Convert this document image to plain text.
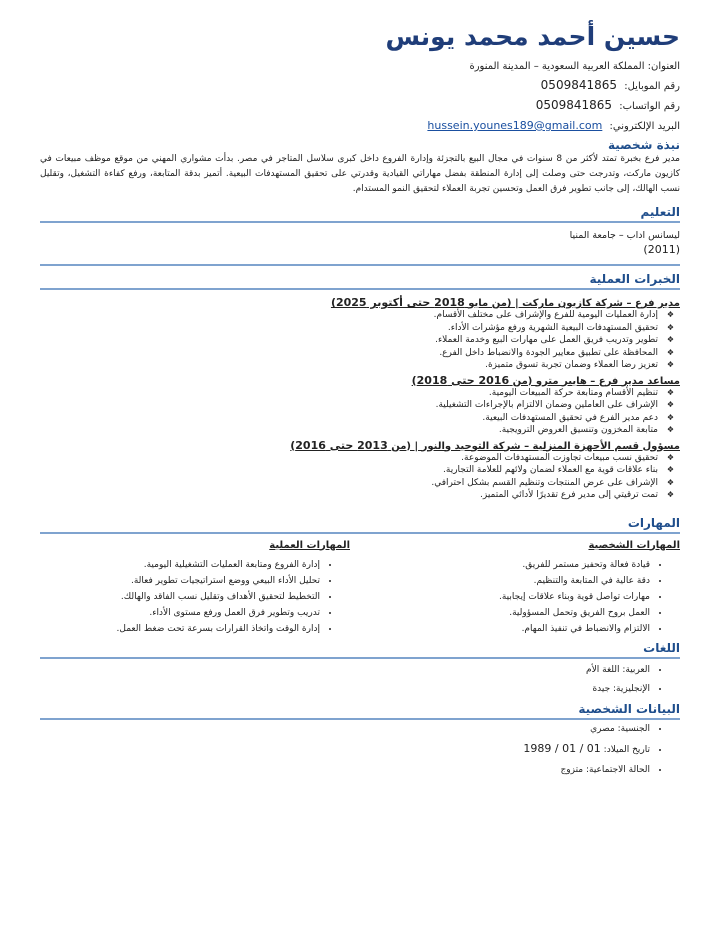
حسين أحمد محمد يونس
العنوان: المملكة العربية السعودية – المدينة المنورة
رقم الموبايل: 0509841865
رقم الواتساب: 0509841865
البريد الإلكتروني: hussein.younes189@gmail.com
نبذة شخصية

مدير فرع بخبرة تمتد لأكثر من 8 سنوات في مجال البيع بالتجزئة وإدارة الفروع داخل كبرى سلاسل المتاجر في مصر. بدأت مشواري المهني من موقع موظف مبيعات في كازيون ماركت، وتدرجت حتى وصلت إلى إدارة المنطقة بفضل مهاراتي القيادية وقدرتي على تحقيق المستهدفات البيعية. أتميز بدقة المتابعة، ورفع كفاءة التشغيل، وتقليل نسب الهالك، إلى جانب تطوير فرق العمل وتحسين تجربة العملاء لتحقيق النمو المستدام.

التعليم
ليسانس اداب – جامعة المنيا
(2011)
الخبرات العملية
مدير فرع – شركة كازيون ماركت | (من مايو 2018 حتى أكتوبر 2025)
❖ إدارة العمليات اليومية للفرع والإشراف على مختلف الأقسام.
❖ تحقيق المستهدفات البيعية الشهرية ورفع مؤشرات الأداء.
❖ تطوير وتدريب فريق العمل على مهارات البيع وخدمة العملاء.
❖ المحافظة على تطبيق معايير الجودة والانضباط داخل الفرع.
❖ تعزيز رضا العملاء وضمان تجربة تسوق متميزة.
مساعد مدير فرع – هايبر مترو (من 2016 حتى 2018)
❖ تنظيم الأقسام ومتابعة حركة المبيعات اليومية.
❖ الإشراف على العاملين وضمان الالتزام بالإجراءات التشغيلية.
❖ دعم مدير الفرع في تحقيق المستهدفات البيعية.
❖ متابعة المخزون وتنسيق العروض الترويجية.
مسؤول قسم الأجهزة المنزلية – شركة التوحيد والنور | (من 2013 حتى 2016)
❖ تحقيق نسب مبيعات تجاوزت المستهدفات الموضوعة.
❖ بناء علاقات قوية مع العملاء لضمان ولائهم للعلامة التجارية.
❖ الإشراف على عرض المنتجات وتنظيم القسم بشكل احترافي.
❖ تمت ترقيتي إلى مدير فرع تقديرًا لأدائي المتميز.
المهارات
المهارات الشخصية
• قيادة فعالة وتحفيز مستمر للفريق.
• دقة عالية في المتابعة والتنظيم.
• مهارات تواصل قوية وبناء علاقات إيجابية.
• العمل بروح الفريق وتحمل المسؤولية.
• الالتزام والانضباط في تنفيذ المهام.
المهارات العملية
• إدارة الفروع ومتابعة العمليات التشغيلية اليومية.
• تحليل الأداء البيعي ووضع استراتيجيات تطوير فعالة.
• التخطيط لتحقيق الأهداف وتقليل نسب الفاقد والهالك.
• تدريب وتطوير فرق العمل ورفع مستوى الأداء.
• إدارة الوقت واتخاذ القرارات بسرعة تحت ضغط العمل.
اللغات
• العربية: اللغة الأم
• الإنجليزية: جيدة
البيانات الشخصية
• الجنسية: مصري
• تاريخ الميلاد: 01 / 01 / 1989
• الحالة الاجتماعية: متزوج
